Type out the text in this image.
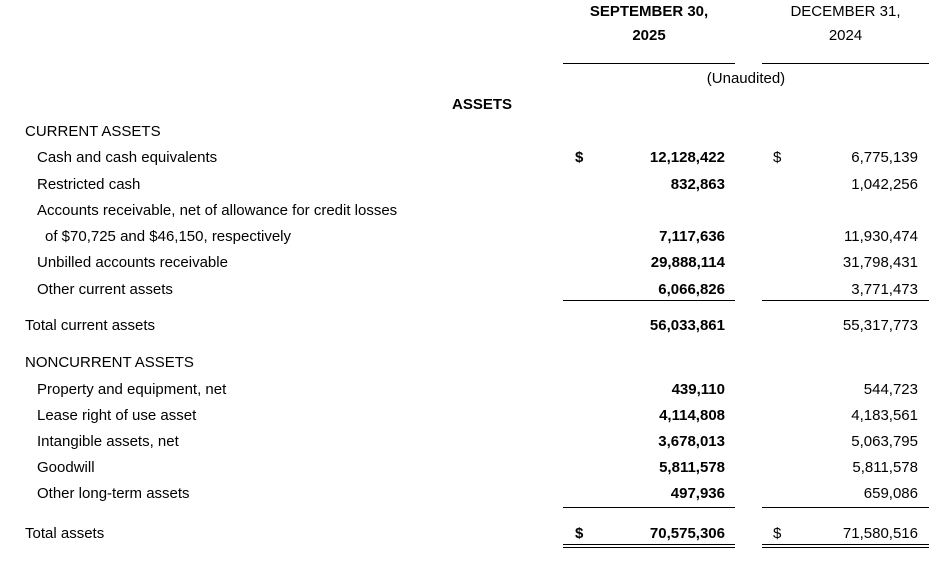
SEPTEMBER 30,
2025
DECEMBER 31,
2024
(Unaudited)
ASSETS
CURRENT ASSETS
Cash and cash equivalents	$	12,128,422	$	6,775,139
Restricted cash	832,863	1,042,256
Accounts receivable, net of allowance for credit losses
of $70,725 and $46,150, respectively	7,117,636	11,930,474
Unbilled accounts receivable	29,888,114	31,798,431
Other current assets	6,066,826	3,771,473
Total current assets	56,033,861	55,317,773
NONCURRENT ASSETS
Property and equipment, net	439,110	544,723
Lease right of use asset	4,114,808	4,183,561
Intangible assets, net	3,678,013	5,063,795
Goodwill	5,811,578	5,811,578
Other long-term assets	497,936	659,086
Total assets	$	70,575,306	$	71,580,516
